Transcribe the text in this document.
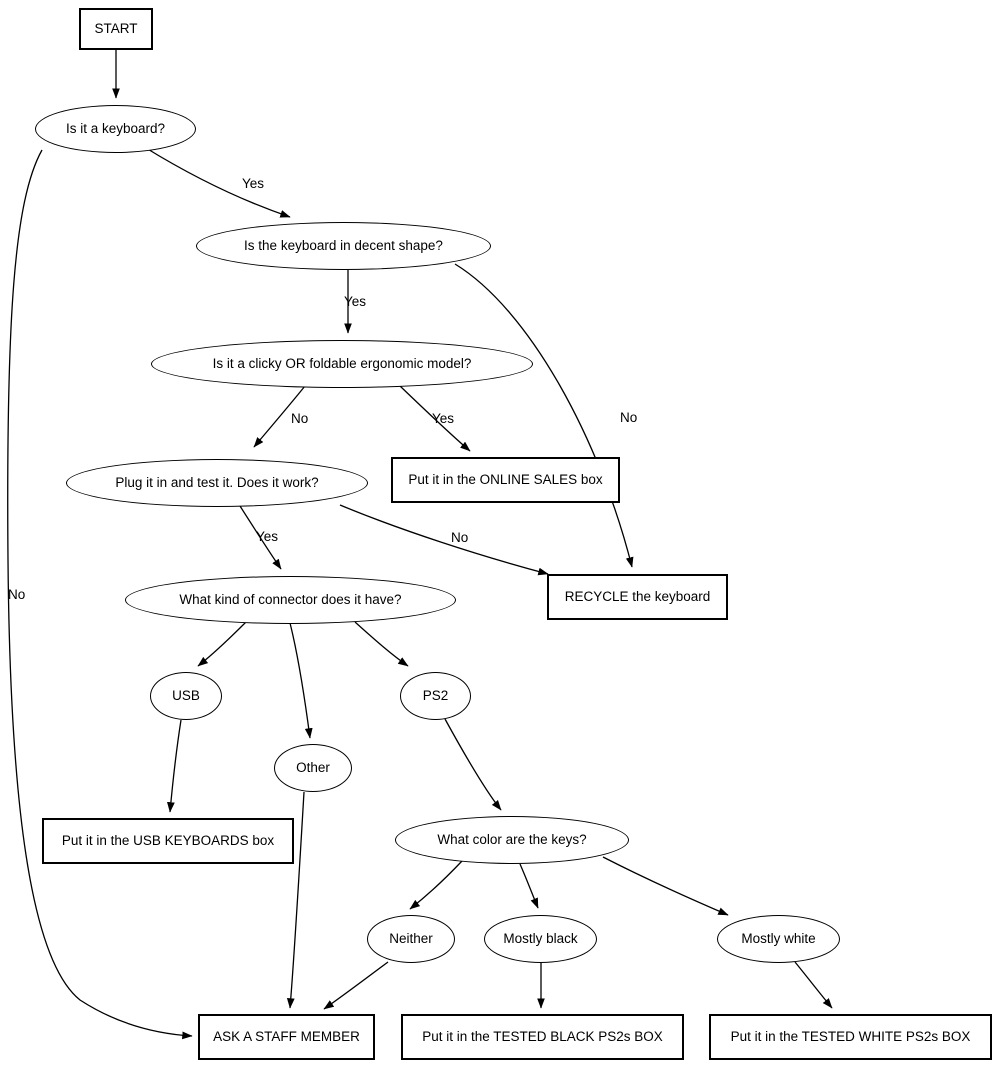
START
Is it a keyboard?
Is the keyboard in decent shape?
Is it a clicky OR foldable ergonomic model?
Put it in the ONLINE SALES box
Plug it in and test it. Does it work?
RECYCLE the keyboard
What kind of connector does it have?
USB
Other
PS2
Put it in the USB KEYBOARDS box	What color are the keys?
Neither	Mostly black	Mostly white
ASK A STAFF MEMBER	Put it in the TESTED BLACK PS2s BOX	Put it in the TESTED WHITE PS2s BOX
Yes
Yes
No
No	Yes
Yes	No
No
